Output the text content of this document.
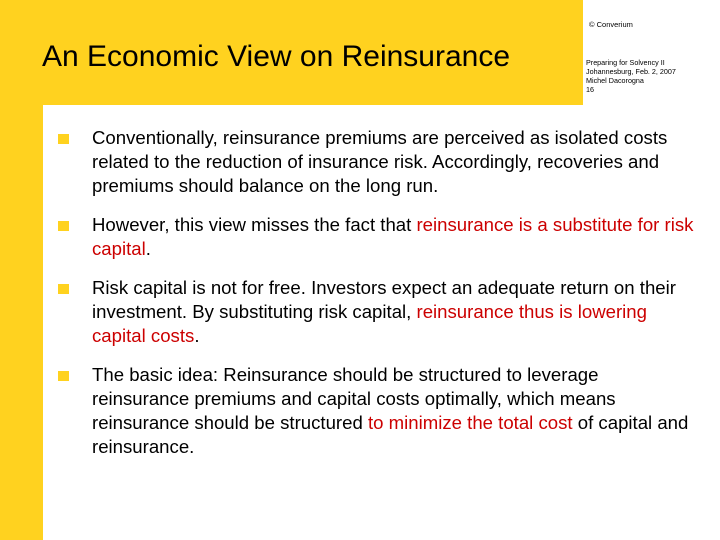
© Converium
Preparing for Solvency II
Johannesburg, Feb. 2, 2007
Michel Dacorogna
16
An Economic View on Reinsurance
Conventionally, reinsurance premiums are perceived as isolated costs related to the reduction of insurance risk. Accordingly, recoveries and premiums should balance on the long run.
However, this view misses the fact that reinsurance is a substitute for risk capital.
Risk capital is not for free. Investors expect an adequate return on their investment. By substituting risk capital, reinsurance thus is lowering capital costs.
The basic idea: Reinsurance should be structured to leverage reinsurance premiums and capital costs optimally, which means reinsurance should be structured to minimize the total cost of capital and reinsurance.
